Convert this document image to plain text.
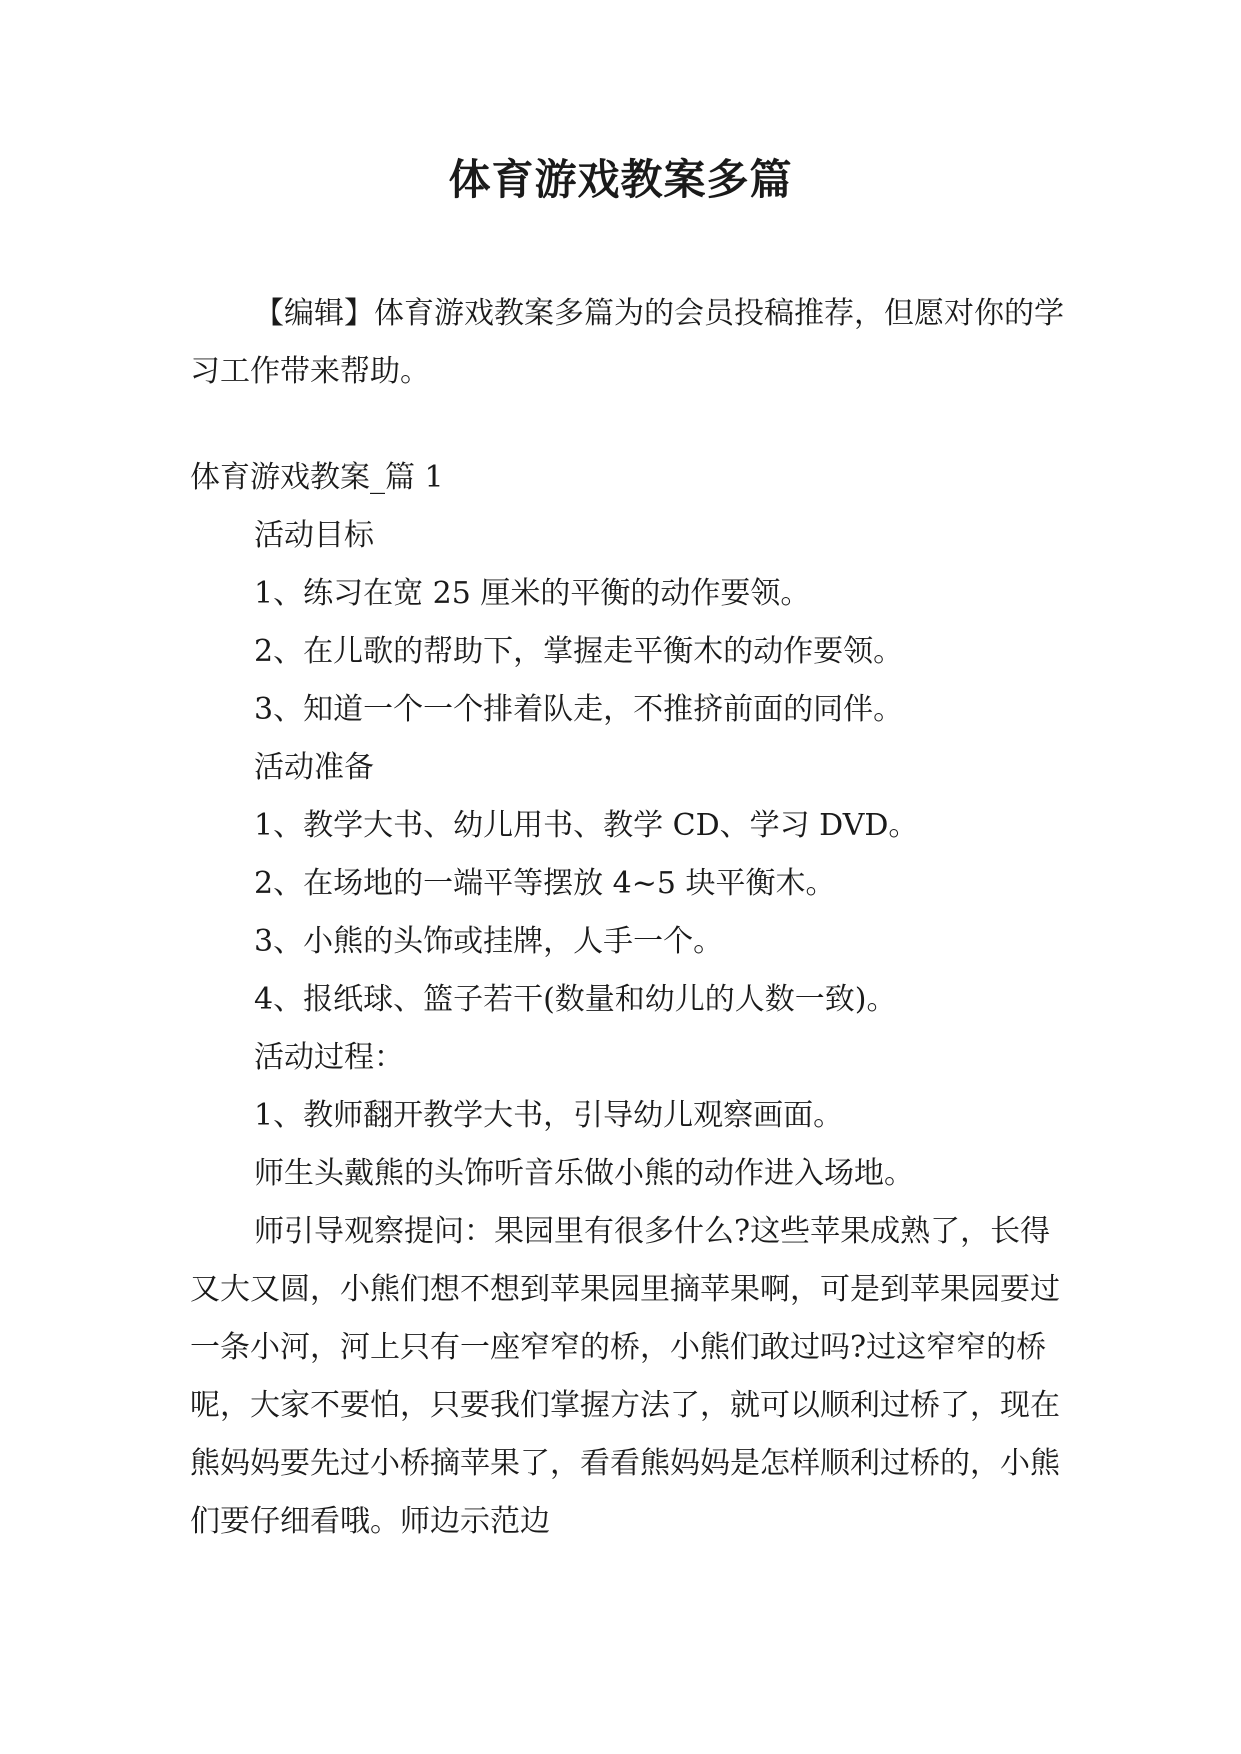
体育游戏教案多篇

【编辑】体育游戏教案多篇为的会员投稿推荐，但愿对你的学习工作带来帮助。

体育游戏教案_篇 1

活动目标

1、练习在宽 25 厘米的平衡的动作要领。

2、在儿歌的帮助下，掌握走平衡木的动作要领。

3、知道一个一个排着队走，不推挤前面的同伴。

活动准备

1、教学大书、幼儿用书、教学 CD、学习 DVD。

2、在场地的一端平等摆放 4~5 块平衡木。

3、小熊的头饰或挂牌，人手一个。

4、报纸球、篮子若干(数量和幼儿的人数一致)。

活动过程：

1、教师翻开教学大书，引导幼儿观察画面。

师生头戴熊的头饰听音乐做小熊的动作进入场地。

师引导观察提问：果园里有很多什么?这些苹果成熟了，长得又大又圆，小熊们想不想到苹果园里摘苹果啊，可是到苹果园要过一条小河，河上只有一座窄窄的桥，小熊们敢过吗?过这窄窄的桥呢，大家不要怕，只要我们掌握方法了，就可以顺利过桥了，现在熊妈妈要先过小桥摘苹果了，看看熊妈妈是怎样顺利过桥的，小熊们要仔细看哦。师边示范边
